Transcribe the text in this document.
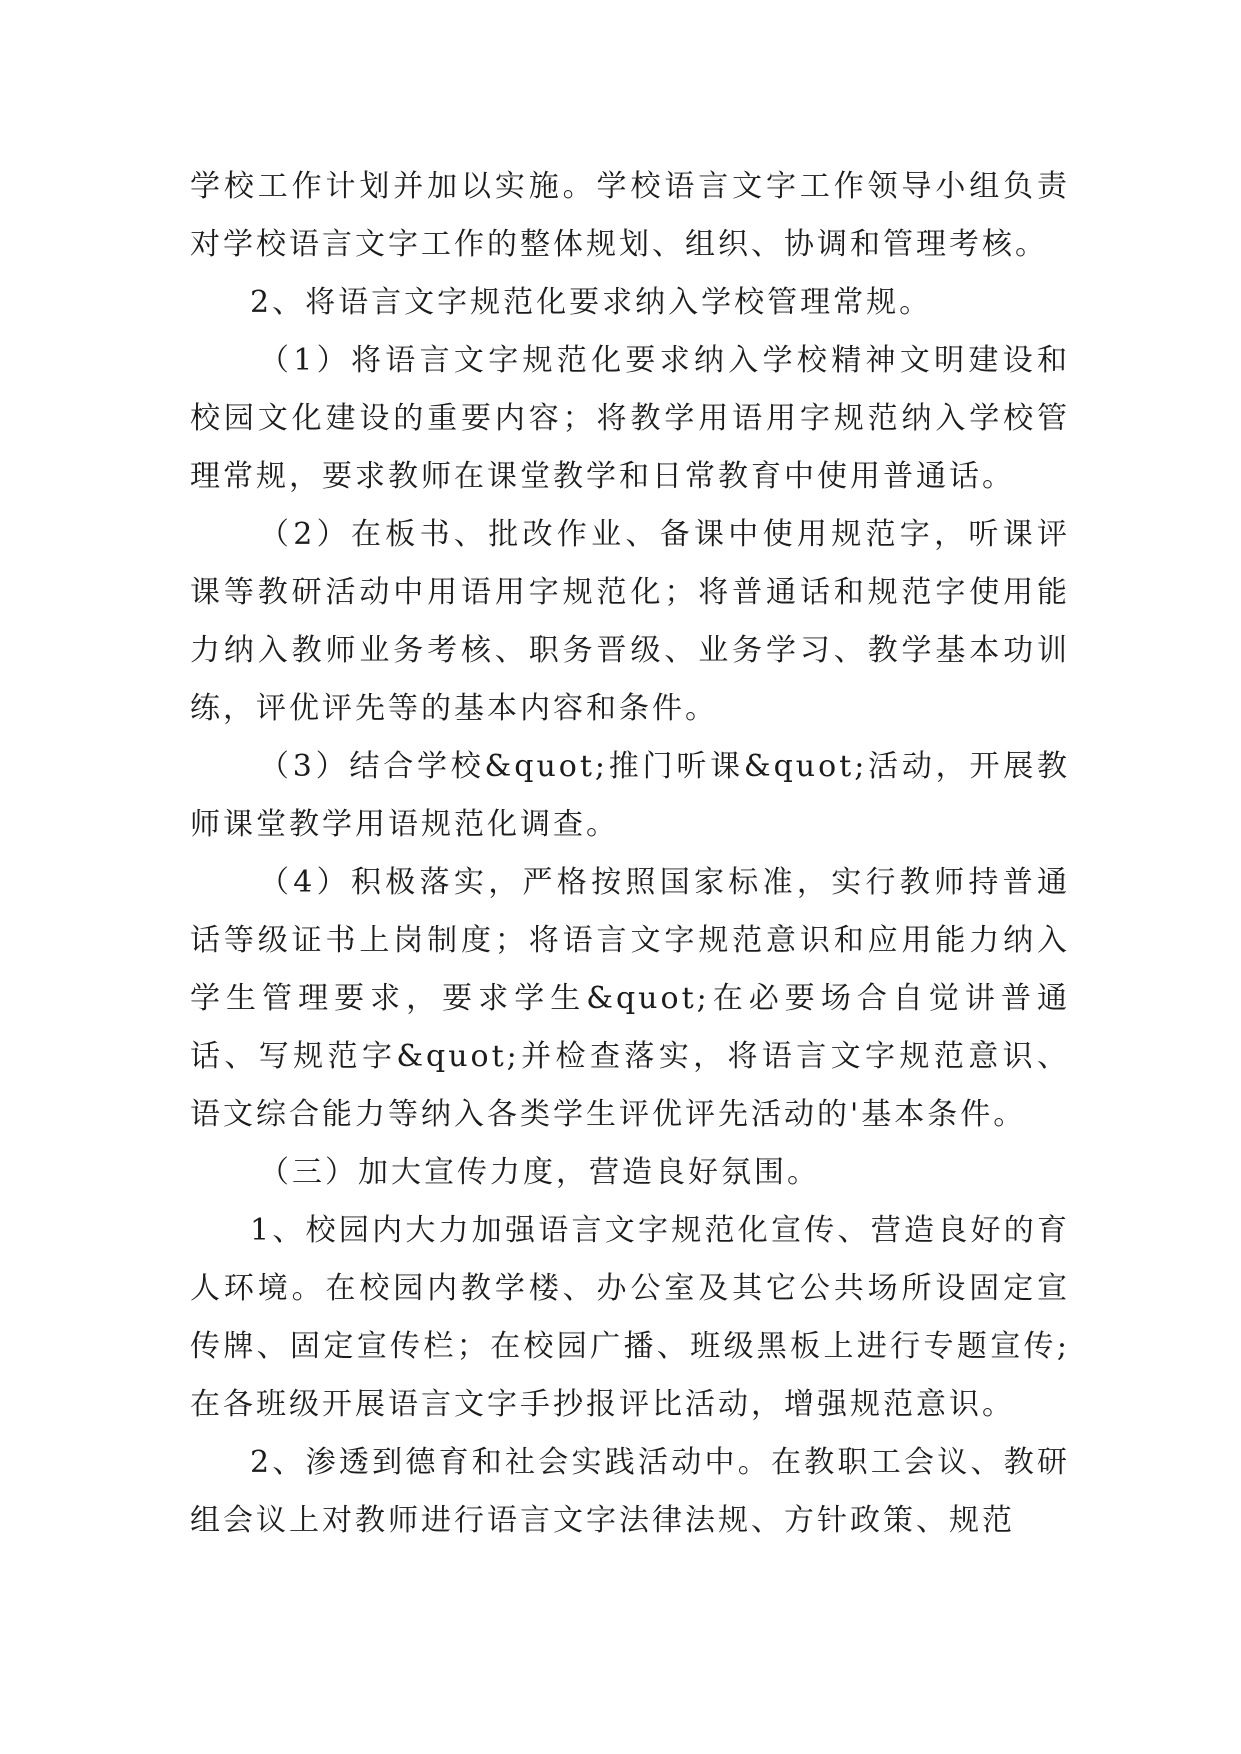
学校工作计划并加以实施。学校语言文字工作领导小组负责对学校语言文字工作的整体规划、组织、协调和管理考核。

2、将语言文字规范化要求纳入学校管理常规。

（1）将语言文字规范化要求纳入学校精神文明建设和校园文化建设的重要内容；将教学用语用字规范纳入学校管理常规，要求教师在课堂教学和日常教育中使用普通话。

（2）在板书、批改作业、备课中使用规范字，听课评课等教研活动中用语用字规范化；将普通话和规范字使用能力纳入教师业务考核、职务晋级、业务学习、教学基本功训练，评优评先等的基本内容和条件。

（3）结合学校&quot;推门听课&quot;活动，开展教师课堂教学用语规范化调查。

（4）积极落实，严格按照国家标准，实行教师持普通话等级证书上岗制度；将语言文字规范意识和应用能力纳入学生管理要求，要求学生&quot;在必要场合自觉讲普通话、写规范字&quot;并检查落实，将语言文字规范意识、语文综合能力等纳入各类学生评优评先活动的'基本条件。

（三）加大宣传力度，营造良好氛围。

1、校园内大力加强语言文字规范化宣传、营造良好的育人环境。在校园内教学楼、办公室及其它公共场所设固定宣传牌、固定宣传栏；在校园广播、班级黑板上进行专题宣传; 在各班级开展语言文字手抄报评比活动，增强规范意识。

2、渗透到德育和社会实践活动中。在教职工会议、教研组会议上对教师进行语言文字法律法规、方针政策、规范
